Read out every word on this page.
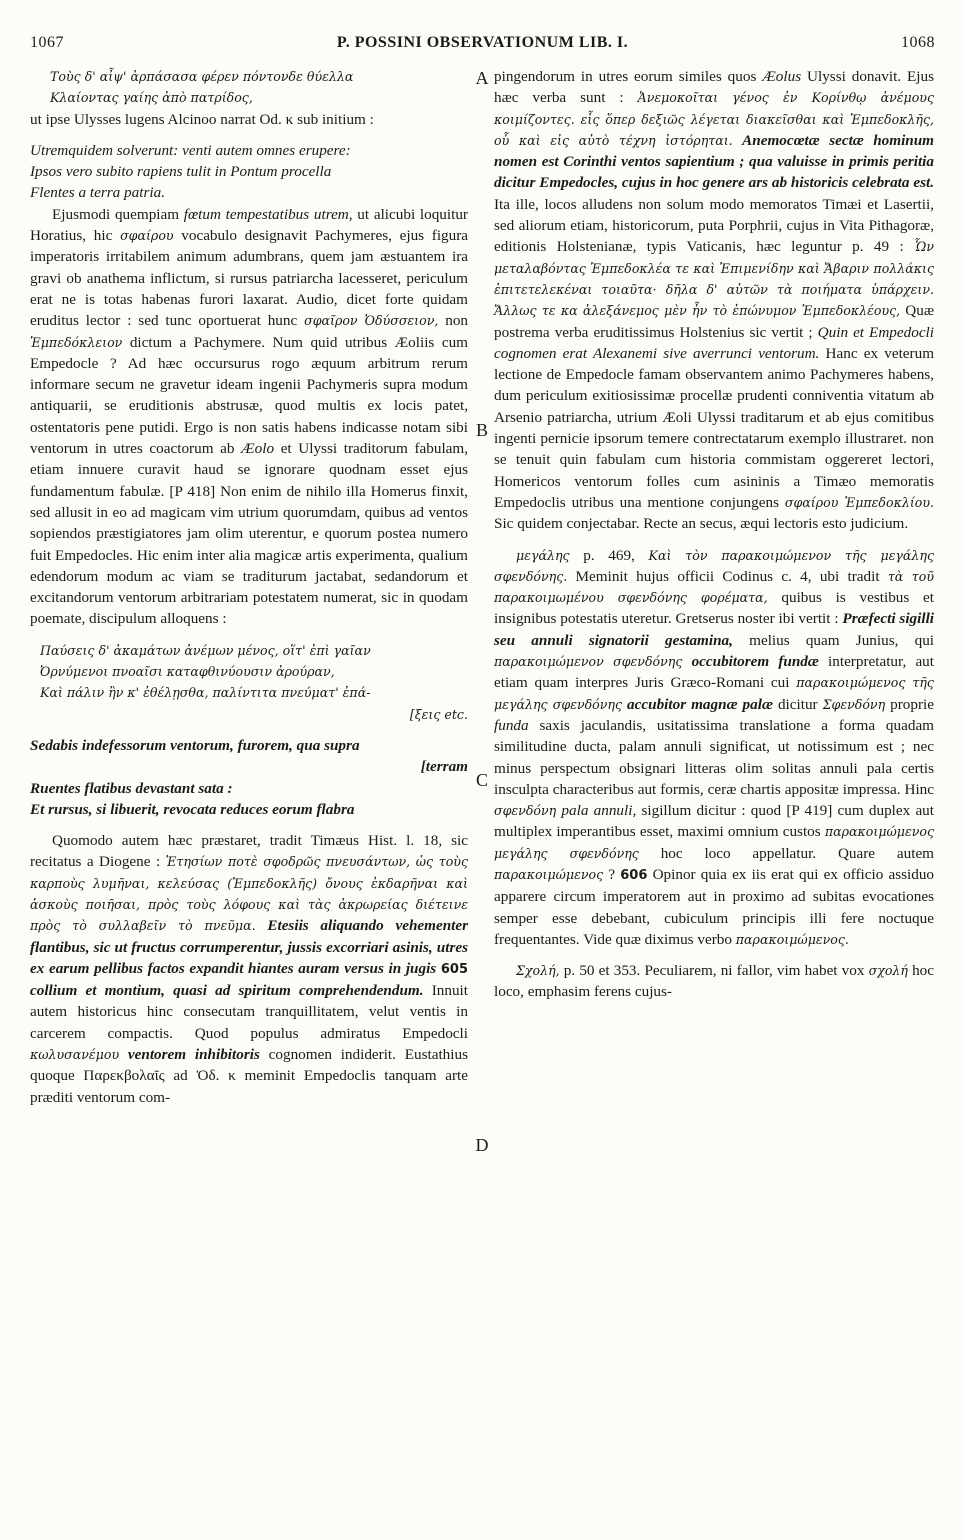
1067	P. POSSINI OBSERVATIONUM LIB. I.	1068
A
B
C
D

Τοὺς δ' αἶψ' ἁρπάσασα φέρεν πόντονδε θύελλα

Κλαίοντας γαίης ἀπὸ πατρίδος,

ut ipse Ulysses lugens Alcinoo narrat Od. κ sub initium :

Utremquidem solverunt: venti autem omnes erupere:

Ipsos vero subito rapiens tulit in Pontum procella

Flentes a terra patria.

Ejusmodi quempiam fœtum tempestatibus utrem, ut alicubi loquitur Horatius, hic σφαίρου vocabulo designavit Pachymeres, ejus figura imperatoris irritabilem animum adumbrans, quem jam æstuantem ira gravi ob anathema inflictum, si rursus patriarcha lacesseret, periculum erat ne is totas habenas furori laxarat. Audio, dicet forte quidam eruditus lector : sed tunc oportuerat hunc σφαῖρον Ὀδύσσειον, non Ἐμπεδόκλειον dictum a Pachymere. Num quid utribus Æoliis cum Empedocle ? Ad hæc occursurus rogo æquum arbitrum rerum informare secum ne gravetur ideam ingenii Pachymeris supra modum antiquarii, se eruditionis abstrusæ, quod multis ex locis patet, ostentatoris pene putidi. Ergo is non satis habens indicasse notam sibi ventorum in utres coactorum ab Æolo et Ulyssi traditorum fabulam, etiam innuere curavit haud se ignorare quodnam esset ejus fundamentum fabulæ. [P 418] Non enim de nihilo illa Homerus finxit, sed allusit in eo ad magicam vim utrium quorumdam, quibus ad ventos sopiendos præstigiatores jam olim uterentur, e quorum postea numero fuit Empedocles. Hic enim inter alia magicæ artis experimenta, qualium edendorum modum ac viam se traditurum jactabat, sedandorum et excitandorum ventorum arbitrariam potestatem numerat, sic in quodam poemate, discipulum alloquens :

Παύσεις δ' ἀκαμάτων ἀνέμων μένος, οἵτ' ἐπὶ γαῖαν

Ὀρνύμενοι πνοαῖσι καταφθινύουσιν ἀρούραν,

Καὶ πάλιν ἢν κ' ἐθέλῃσθα, παλίντιτα πνεύματ' ἐπά-

[ξεις etc.

Sedabis indefessorum ventorum, furorem, qua supra

[terram

Ruentes flatibus devastant sata :

Et rursus, si libuerit, revocata reduces eorum flabra

Quomodo autem hæc præstaret, tradit Timæus Hist. l. 18, sic recitatus a Diogene : Ἐτησίων ποτὲ σφοδρῶς πνευσάντων, ὡς τοὺς καρποὺς λυμῆναι, κελεύσας (Ἐμπεδοκλῆς) ὄνους ἐκδαρῆναι καὶ ἀσκοὺς ποιῆσαι, πρὸς τοὺς λόφους καὶ τὰς ἀκρωρείας διέτεινε πρὸς τὸ συλλαβεῖν τὸ πνεῦμα. Etesiis aliquando vehementer flantibus, sic ut fructus corrumperentur, jussis excorriari asinis, utres ex earum pellibus factos expandit hiantes auram versus in jugis 605 collium et montium, quasi ad spiritum comprehendendum. Innuit autem historicus hinc consecutam tranquillitatem, velut ventis in carcerem compactis. Quod populus admiratus Empedocli κωλυσανέμου ventorem inhibitoris cognomen indiderit. Eustathius quoque Παρεκβολαῖς ad Ὀδ. κ meminit Empedoclis tanquam arte præditi ventorum com-

pingendorum in utres eorum similes quos Æolus Ulyssi donavit. Ejus hæc verba sunt : Ἀνεμοκοῖται γένος ἐν Κορίνθῳ ἀνέμους κοιμίζοντες. εἷς ὅπερ δεξιῶς λέγεται διακεῖσθαι καὶ Ἐμπεδοκλῆς, οὗ καὶ εἰς αὐτὸ τέχνη ἱστόρηται. Anemocœtæ sectæ hominum nomen est Corinthi ventos sapientium ; qua valuisse in primis peritia dicitur Empedocles, cujus in hoc genere ars ab historicis celebrata est. Ita ille, locos alludens non solum modo memoratos Timæi et Lasertii, sed aliorum etiam, historicorum, puta Porphrii, cujus in Vita Pithagoræ, editionis Holstenianæ, typis Vaticanis, hæc leguntur p. 49 : Ὧν μεταλαβόντας Ἐμπεδοκλέα τε καὶ Ἐπιμενίδην καὶ Ἄβαριν πολλάκις ἐπιτετελεκέναι τοιαῦτα· δῆλα δ' αὐτῶν τὰ ποιήματα ὑπάρχειν. Ἄλλως τε κα ἀλεξάνεμος μὲν ἦν τὸ ἐπώνυμον Ἐμπεδοκλέους, Quæ postrema verba eruditissimus Holstenius sic vertit ; Quin et Empedocli cognomen erat Alexanemi sive averrunci ventorum. Hanc ex veterum lectione de Empedocle famam observantem animo Pachymeres habens, dum periculum exitiosissimæ procellæ prudenti conniventia vitatum ab Arsenio patriarcha, utrium Æoli Ulyssi traditarum et ab ejus comitibus ingenti pernicie ipsorum temere contrectatarum exemplo illustraret. non se tenuit quin fabulam cum historia commistam oggereret lectori, Homericos ventorum folles cum asininis a Timæo memoratis Empedoclis utribus una mentione conjungens σφαίρου Ἐμπεδοκλίου. Sic quidem conjectabar. Recte an secus, æqui lectoris esto judicium.

μεγάλης p. 469, Καὶ τὸν παρακοιμώμενον τῆς μεγάλης σφενδόνης. Meminit hujus officii Codinus c. 4, ubi tradit τὰ τοῦ παρακοιμωμένου σφενδόνης φορέματα, quibus is vestibus et insignibus potestatis uteretur. Gretserus noster ibi vertit : Præfecti sigilli seu annuli signatorii gestamina, melius quam Junius, qui παρακοιμώμενον σφενδόνης occubitorem fundæ interpretatur, aut etiam quam interpres Juris Græco-Romani cui παρακοιμώμενος τῆς μεγάλης σφενδόνης accubitor magnæ palæ dicitur Σφενδόνη proprie funda saxis jaculandis, usitatissima translatione a forma quadam similitudine ducta, palam annuli significat, ut notissimum est ; nec minus perspectum obsignari litteras olim solitas annuli pala certis insculpta characteribus aut formis, ceræ chartis appositæ impressa. Hinc σφενδόνη pala annuli, sigillum dicitur : quod [P 419] cum duplex aut multiplex imperantibus esset, maximi omnium custos παρακοιμώμενος μεγάλης σφενδόνης hoc loco appellatur. Quare autem παρακοιμώμενος ? 606 Opinor quia ex iis erat qui ex officio assiduo apparere circum imperatorem aut in proximo ad subitas evocationes semper esse debebant, cubiculum principis illi fere noctuque frequentantes. Vide quæ diximus verbo παρακοιμώμενος.

Σχολή, p. 50 et 353. Peculiarem, ni fallor, vim habet vox σχολή hoc loco, emphasim ferens cujus-
